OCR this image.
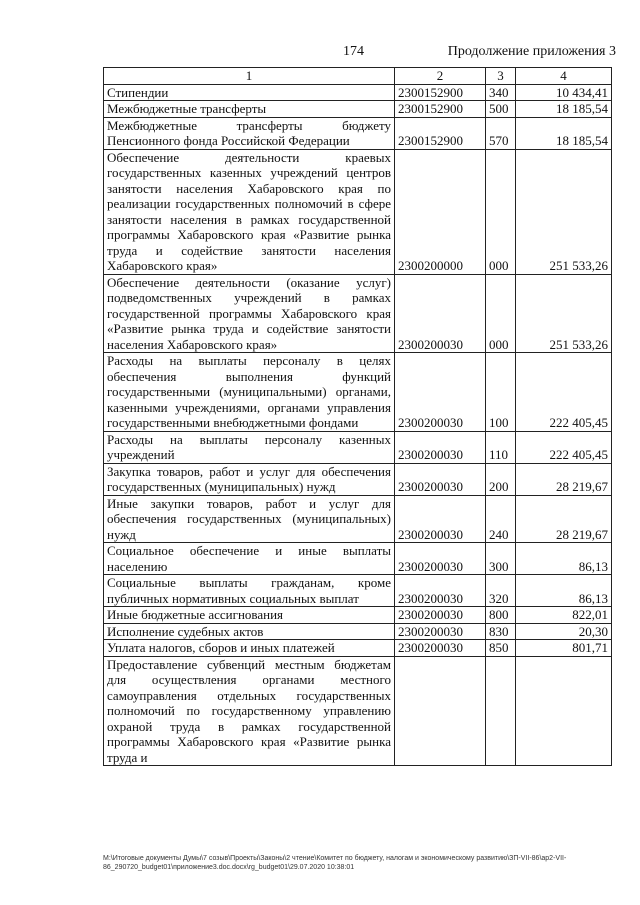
174	Продолжение приложения 3
1	2	3	4
Стипендии	2300152900	340	10 434,41
Межбюджетные трансферты	2300152900	500	18 185,54
Межбюджетные трансферты бюджету Пенсионного фонда Российской Федерации	2300152900	570	18 185,54
Обеспечение деятельности краевых государственных казенных учреждений центров занятости населения Хабаровского края по реализации государственных полномочий в сфере занятости населения в рамках государственной программы Хабаровского края «Развитие рынка труда и содействие занятости населения Хабаровского края»	2300200000	000	251 533,26
Обеспечение деятельности (оказание услуг) подведомственных учреждений в рамках государственной программы Хабаровского края «Развитие рынка труда и содействие занятости населения Хабаровского края»	2300200030	000	251 533,26
Расходы на выплаты персоналу в целях обеспечения выполнения функций государственными (муниципальными) органами, казенными учреждениями, органами управления государственными внебюджетными фондами	2300200030	100	222 405,45
Расходы на выплаты персоналу казенных учреждений	2300200030	110	222 405,45
Закупка товаров, работ и услуг для обеспечения государственных (муниципальных) нужд	2300200030	200	28 219,67
Иные закупки товаров, работ и услуг для обеспечения государственных (муниципальных) нужд	2300200030	240	28 219,67
Социальное обеспечение и иные выплаты населению	2300200030	300	86,13
Социальные выплаты гражданам, кроме публичных нормативных социальных выплат	2300200030	320	86,13
Иные бюджетные ассигнования	2300200030	800	822,01
Исполнение судебных актов	2300200030	830	20,30
Уплата налогов, сборов и иных платежей	2300200030	850	801,71
Предоставление субвенций местным бюджетам для осуществления органами местного самоуправления отдельных государственных полномочий по государственному управлению охраной труда в рамках государственной программы Хабаровского края «Развитие рынка труда и			
M:\Итоговые документы Думы\7 созыв\Проекты\Законы\2 чтение\Комитет по бюджету, налогам и экономическому развитию\ЗП-VII-86\ap2-VII-
86_290720_budget01\приложение3.doc.docx\rg_budget01\29.07.2020 10:38:01
